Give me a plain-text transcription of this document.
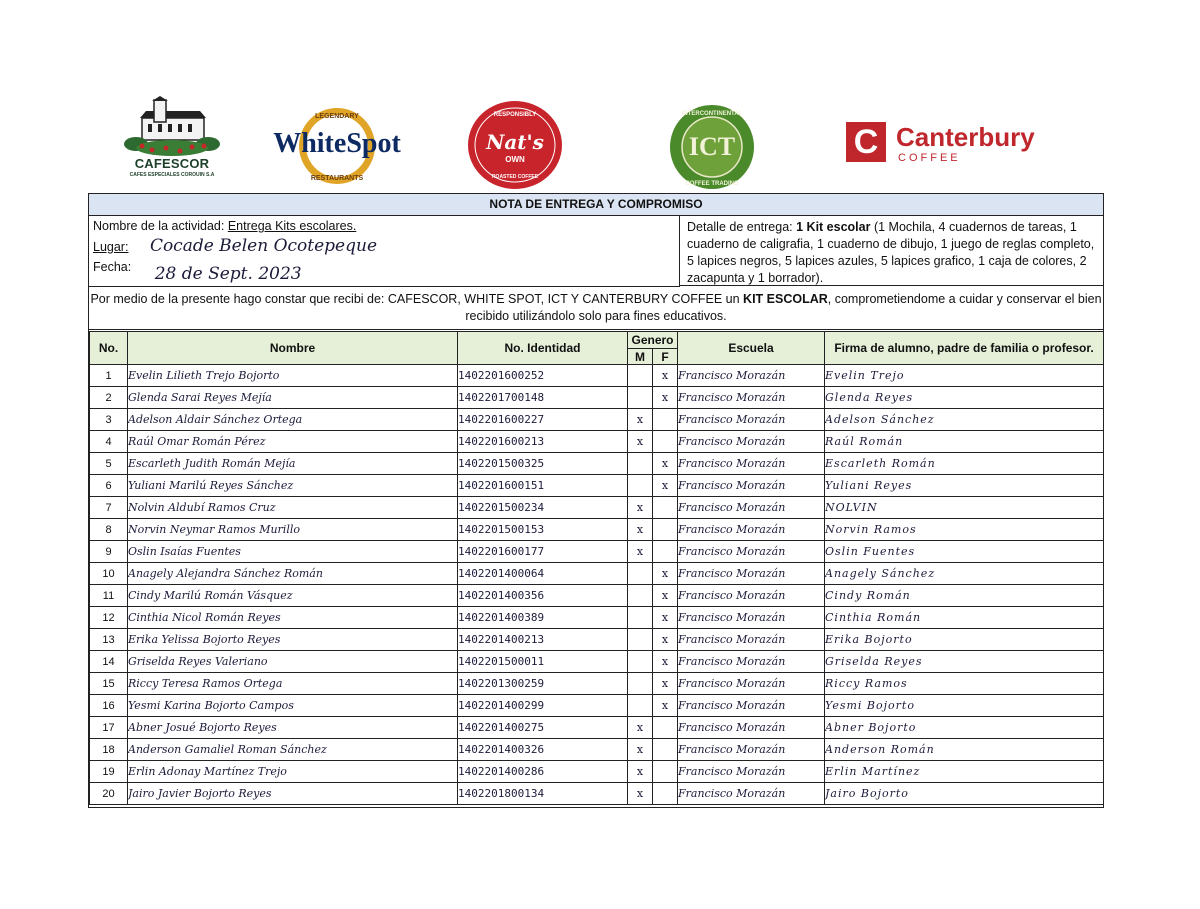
CAFESCOR
CAFES ESPECIALES COROUIN S.A
LEGENDARY
RESTAURANTS
WhiteSpot
RESPONSIBLY
OWN
ROASTED COFFEE
Nat's
INTERCONTINENTAL
COFFEE TRADING
ICT	C Canterbury
COFFEE
NOTA DE ENTREGA Y COMPROMISO
Nombre de la actividad: Entrega Kits escolares.
Lugar: Cocade Belen Ocotepeque
Fecha: 28 de Sept. 2023
Detalle de entrega: 1 Kit escolar (1 Mochila, 4 cuadernos de tareas, 1 cuaderno de caligrafia, 1 cuaderno de dibujo, 1 juego de reglas completo, 5 lapices negros, 5 lapices azules, 5 lapices grafico, 1 caja de colores, 2 zacapunta y 1 borrador).
Por medio de la presente hago constar que recibi de: CAFESCOR, WHITE SPOT, ICT Y CANTERBURY COFFEE un KIT ESCOLAR, comprometiendome a cuidar y conservar el bien recibido utilizándolo solo para fines educativos.
No.	Nombre	No. Identidad	Genero		Escuela	Firma de alumno, padre de familia o profesor.
			M	F		
1	Evelin Lilieth Trejo Bojorto	1402201600252		x	Francisco Morazán	Evelin Trejo
2	Glenda Sarai Reyes Mejía	1402201700148		x	Francisco Morazán	Glenda Reyes
3	Adelson Aldair Sánchez Ortega	1402201600227	x		Francisco Morazán	Adelson Sánchez
4	Raúl Omar Román Pérez	1402201600213	x		Francisco Morazán	Raúl Román
5	Escarleth Judith Román Mejía	1402201500325		x	Francisco Morazán	Escarleth Román
6	Yuliani Marilú Reyes Sánchez	1402201600151		x	Francisco Morazán	Yuliani Reyes
7	Nolvin Aldubí Ramos Cruz	1402201500234	x		Francisco Morazán	NOLVIN
8	Norvin Neymar Ramos Murillo	1402201500153	x		Francisco Morazán	Norvin Ramos
9	Oslin Isaías Fuentes	1402201600177	x		Francisco Morazán	Oslin Fuentes
10	Anagely Alejandra Sánchez Román	1402201400064		x	Francisco Morazán	Anagely Sánchez
11	Cindy Marilú Román Vásquez	1402201400356		x	Francisco Morazán	Cindy Román
12	Cinthia Nicol Román Reyes	1402201400389		x	Francisco Morazán	Cinthia Román
13	Erika Yelissa Bojorto Reyes	1402201400213		x	Francisco Morazán	Erika Bojorto
14	Griselda Reyes Valeriano	1402201500011		x	Francisco Morazán	Griselda Reyes
15	Riccy Teresa Ramos Ortega	1402201300259		x	Francisco Morazán	Riccy Ramos
16	Yesmi Karina Bojorto Campos	1402201400299		x	Francisco Morazán	Yesmi Bojorto
17	Abner Josué Bojorto Reyes	1402201400275	x		Francisco Morazán	Abner Bojorto
18	Anderson Gamaliel Roman Sánchez	1402201400326	x		Francisco Morazán	Anderson Román
19	Erlin Adonay Martínez Trejo	1402201400286	x		Francisco Morazán	Erlin Martínez
20	Jairo Javier Bojorto Reyes	1402201800134	x		Francisco Morazán	Jairo Bojorto
